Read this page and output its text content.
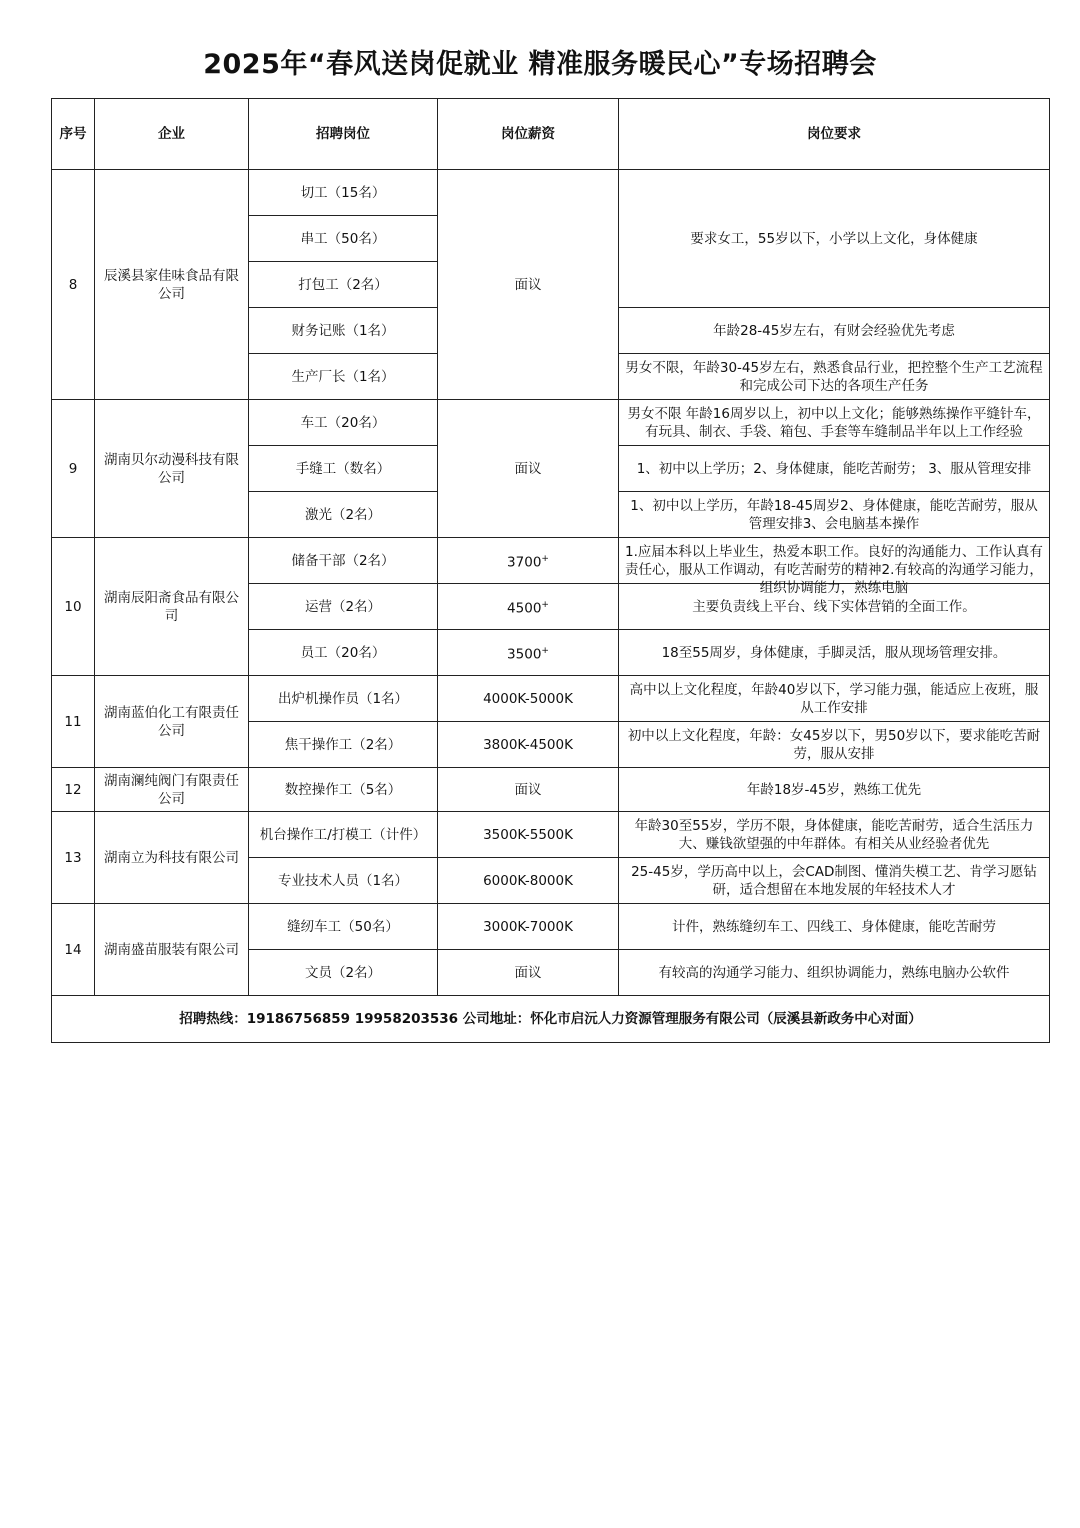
2025年“春风送岗促就业 精准服务暖民心”专场招聘会
序号	企业	招聘岗位	岗位薪资	岗位要求
8	辰溪县家佳味食品有限公司	切工（15名）	面议	要求女工，55岁以下，小学以上文化，身体健康
		串工（50名）		
		打包工（2名）		
		财务记账（1名）		年龄28-45岁左右，有财会经验优先考虑
		生产厂长（1名）		男女不限，年龄30-45岁左右，熟悉食品行业，把控整个生产工艺流程和完成公司下达的各项生产任务

9	湖南贝尔动漫科技有限公司	车工（20名）	面议	男女不限 年龄16周岁以上，初中以上文化；能够熟练操作平缝针车，有玩具、制衣、手袋、箱包、手套等车缝制品半年以上工作经验

		手缝工（数名）		1、初中以上学历；2、身体健康，能吃苦耐劳； 3、服从管理安排

		激光（2名）		1、初中以上学历，年龄18-45周岁2、身体健康，能吃苦耐劳，服从管理安排3、会电脑基本操作

10	湖南辰阳斋食品有限公司	储备干部（2名）	3700+	1.应届本科以上毕业生，热爱本职工作。良好的沟通能力、工作认真有责任心，服从工作调动，有吃苦耐劳的精神2.有较高的沟通学习能力，组织协调能力，熟练电脑

		运营（2名）	4500+	主要负责线上平台、线下实体营销的全面工作。
		员工（20名）	3500+	18至55周岁，身体健康，手脚灵活，服从现场管理安排。
11	湖南蓝伯化工有限责任公司	出炉机操作员（1名）	4000K-5000K	高中以上文化程度，年龄40岁以下，学习能力强，能适应上夜班，服从工作安排
		焦干操作工（2名）	3800K-4500K	初中以上文化程度，年龄：女45岁以下，男50岁以下，要求能吃苦耐劳，服从安排
12	湖南澜纯阀门有限责任公司	数控操作工（5名）	面议	年龄18岁-45岁，熟练工优先
13	湖南立为科技有限公司	机台操作工/打模工（计件）	3500K-5500K	年龄30至55岁，学历不限，身体健康，能吃苦耐劳，适合生活压力大、赚钱欲望强的中年群体。有相关从业经验者优先

		专业技术人员（1名）	6000K-8000K	25-45岁，学历高中以上，会CAD制图、懂消失模工艺、肯学习愿钻研，适合想留在本地发展的年轻技术人才

14	湖南盛苗服装有限公司	缝纫车工（50名）	3000K-7000K	计件，熟练缝纫车工、四线工、身体健康，能吃苦耐劳
		文员（2名）	面议	有较高的沟通学习能力、组织协调能力，熟练电脑办公软件
招聘热线：19186756859 19958203536 公司地址：怀化市启沅人力资源管理服务有限公司（辰溪县新政务中心对面）				
